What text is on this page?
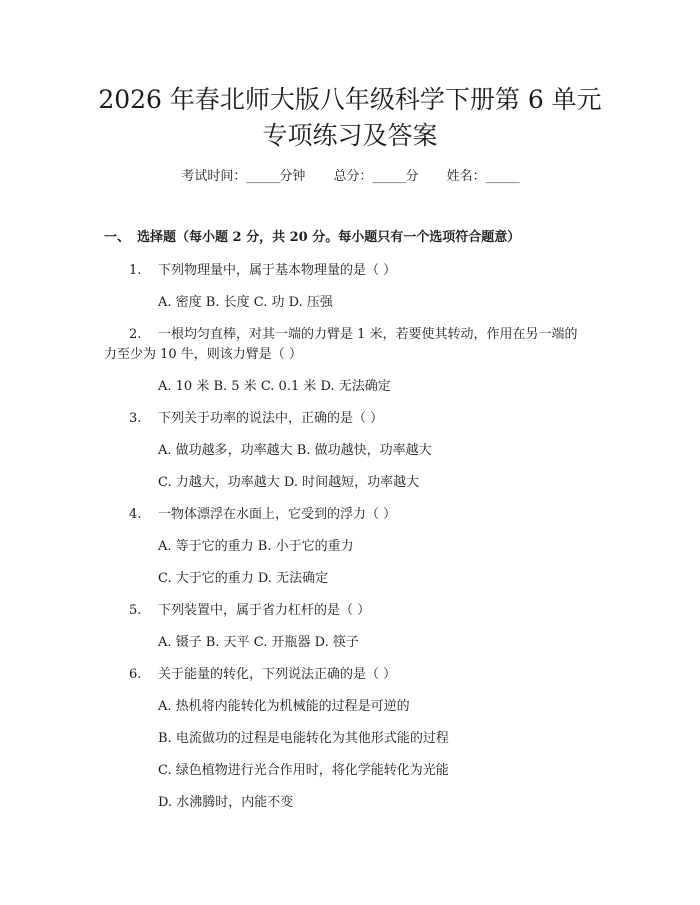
2026 年春北师大版八年级科学下册第 6 单元
专项练习及答案
考试时间：______分钟 总分：______分 姓名：______
一、 选择题（每小题 2 分，共 20 分。每小题只有一个选项符合题意）
1. 下列物理量中，属于基本物理量的是（ ）
A. 密度 B. 长度 C. 功 D. 压强
2. 一根均匀直棒，对其一端的力臂是 1 米，若要使其转动，作用在另一端的
力至少为 10 牛，则该力臂是（ ）
A. 10 米 B. 5 米 C. 0.1 米 D. 无法确定
3. 下列关于功率的说法中，正确的是（ ）
A. 做功越多，功率越大 B. 做功越快，功率越大
C. 力越大，功率越大 D. 时间越短，功率越大
4. 一物体漂浮在水面上，它受到的浮力（ ）
A. 等于它的重力 B. 小于它的重力
C. 大于它的重力 D. 无法确定
5. 下列装置中，属于省力杠杆的是（ ）
A. 镊子 B. 天平 C. 开瓶器 D. 筷子
6. 关于能量的转化，下列说法正确的是（ ）
A. 热机将内能转化为机械能的过程是可逆的
B. 电流做功的过程是电能转化为其他形式能的过程
C. 绿色植物进行光合作用时，将化学能转化为光能
D. 水沸腾时，内能不变
